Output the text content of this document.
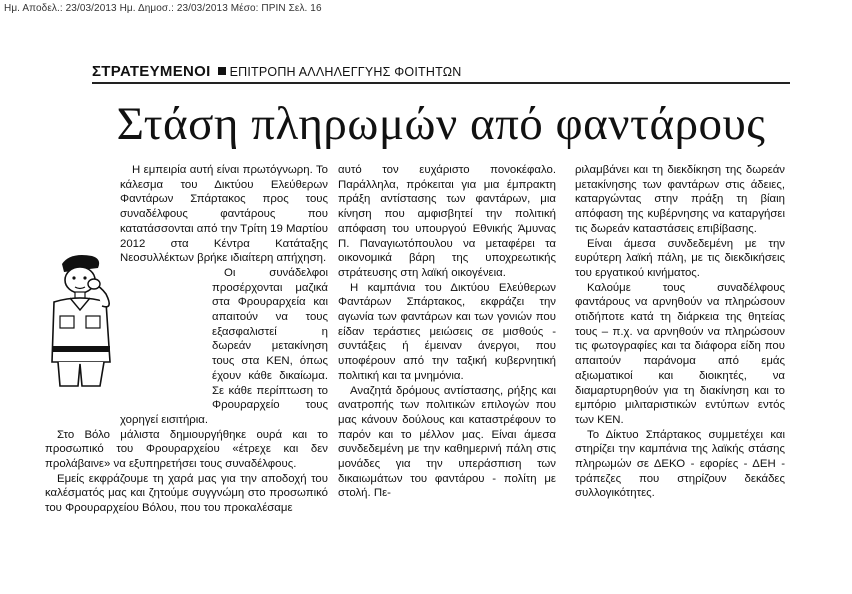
Ημ. Αποδελ.: 23/03/2013 Ημ. Δημοσ.: 23/03/2013 Μέσο: ΠΡΙΝ Σελ. 16
ΣΤΡΑΤΕΥΜΕΝΟΙ ΕΠΙΤΡΟΠΗ ΑΛΛΗΛΕΓΓΥΗΣ ΦΟΙΤΗΤΩΝ
Στάση πληρωμών από φαντάρους

Η εμπειρία αυτή είναι πρωτόγνωρη. Το κάλεσμα του Δικτύου Ελεύθερων Φαντάρων Σπάρτακος προς τους συναδέλφους φαντάρους που κατατάσσονται από την Τρίτη 19 Μαρτίου 2012 στα Κέντρα Κατάταξης Νεοσυλλέκτων βρήκε ιδιαίτερη απήχηση.

Οι συνάδελφοι προσέρχονται μαζικά στα Φρουραρχεία και απαιτούν να τους εξασφαλιστεί η δωρεάν μετακίνηση τους στα ΚΕΝ, όπως έχουν κάθε δικαίωμα. Σε κάθε περίπτωση το Φρουραρχείο τους χορηγεί εισιτήρια.

Στο Βόλο μάλιστα δημιουργήθηκε ουρά και το προσωπικό του Φρουραρχείου «έτρεχε και δεν προλάβαινε» να εξυπηρετήσει τους συναδέλφους.

Εμείς εκφράζουμε τη χαρά μας για την αποδοχή του καλέσματός μας και ζητούμε συγγνώμη στο προσωπικό του Φρουραρχείου Βόλου, που του προκαλέσαμε

αυτό τον ευχάριστο πονοκέφαλο. Παράλληλα, πρόκειται για μια έμπρακτη πράξη αντίστασης των φαντάρων, μια κίνηση που αμφισβητεί την πολιτική απόφαση του υπουργού Εθνικής Άμυνας Π. Παναγιωτόπουλου να μεταφέρει τα οικονομικά βάρη της υποχρεωτικής στράτευσης στη λαϊκή οικογένεια.

Η καμπάνια του Δικτύου Ελεύθερων Φαντάρων Σπάρτακος, εκφράζει την αγωνία των φαντάρων και των γονιών που είδαν τεράστιες μειώσεις σε μισθούς - συντάξεις ή έμειναν άνεργοι, που υποφέρουν από την ταξική κυβερνητική πολιτική και τα μνημόνια.

Αναζητά δρόμους αντίστασης, ρήξης και ανατροπής των πολιτικών επιλογών που μας κάνουν δούλους και καταστρέφουν το παρόν και το μέλλον μας. Είναι άμεσα συνδεδεμένη με την καθημερινή πάλη στις μονάδες για την υπεράσπιση των δικαιωμάτων του φαντάρου - πολίτη με στολή. Πε-

ριλαμβάνει και τη διεκδίκηση της δωρεάν μετακίνησης των φαντάρων στις άδειες, καταργώντας στην πράξη τη βίαιη απόφαση της κυβέρνησης να καταργήσει τις δωρεάν καταστάσεις επιβίβασης.

Είναι άμεσα συνδεδεμένη με την ευρύτερη λαϊκή πάλη, με τις διεκδικήσεις του εργατικού κινήματος.

Καλούμε τους συναδέλφους φαντάρους να αρνηθούν να πληρώσουν οτιδήποτε κατά τη διάρκεια της θητείας τους – π.χ. να αρνηθούν να πληρώσουν τις φωτογραφίες και τα διάφορα είδη που απαιτούν παράνομα από εμάς αξιωματικοί και διοικητές, να διαμαρτυρηθούν για τη διακίνηση και το εμπόριο μιλιταριστικών εντύπων εντός των ΚΕΝ.

Το Δίκτυο Σπάρτακος συμμετέχει και στηρίζει την καμπάνια της λαϊκής στάσης πληρωμών σε ΔΕΚΟ - εφορίες - ΔΕΗ - τράπεζες που στηρίζουν δεκάδες συλλογικότητες.
